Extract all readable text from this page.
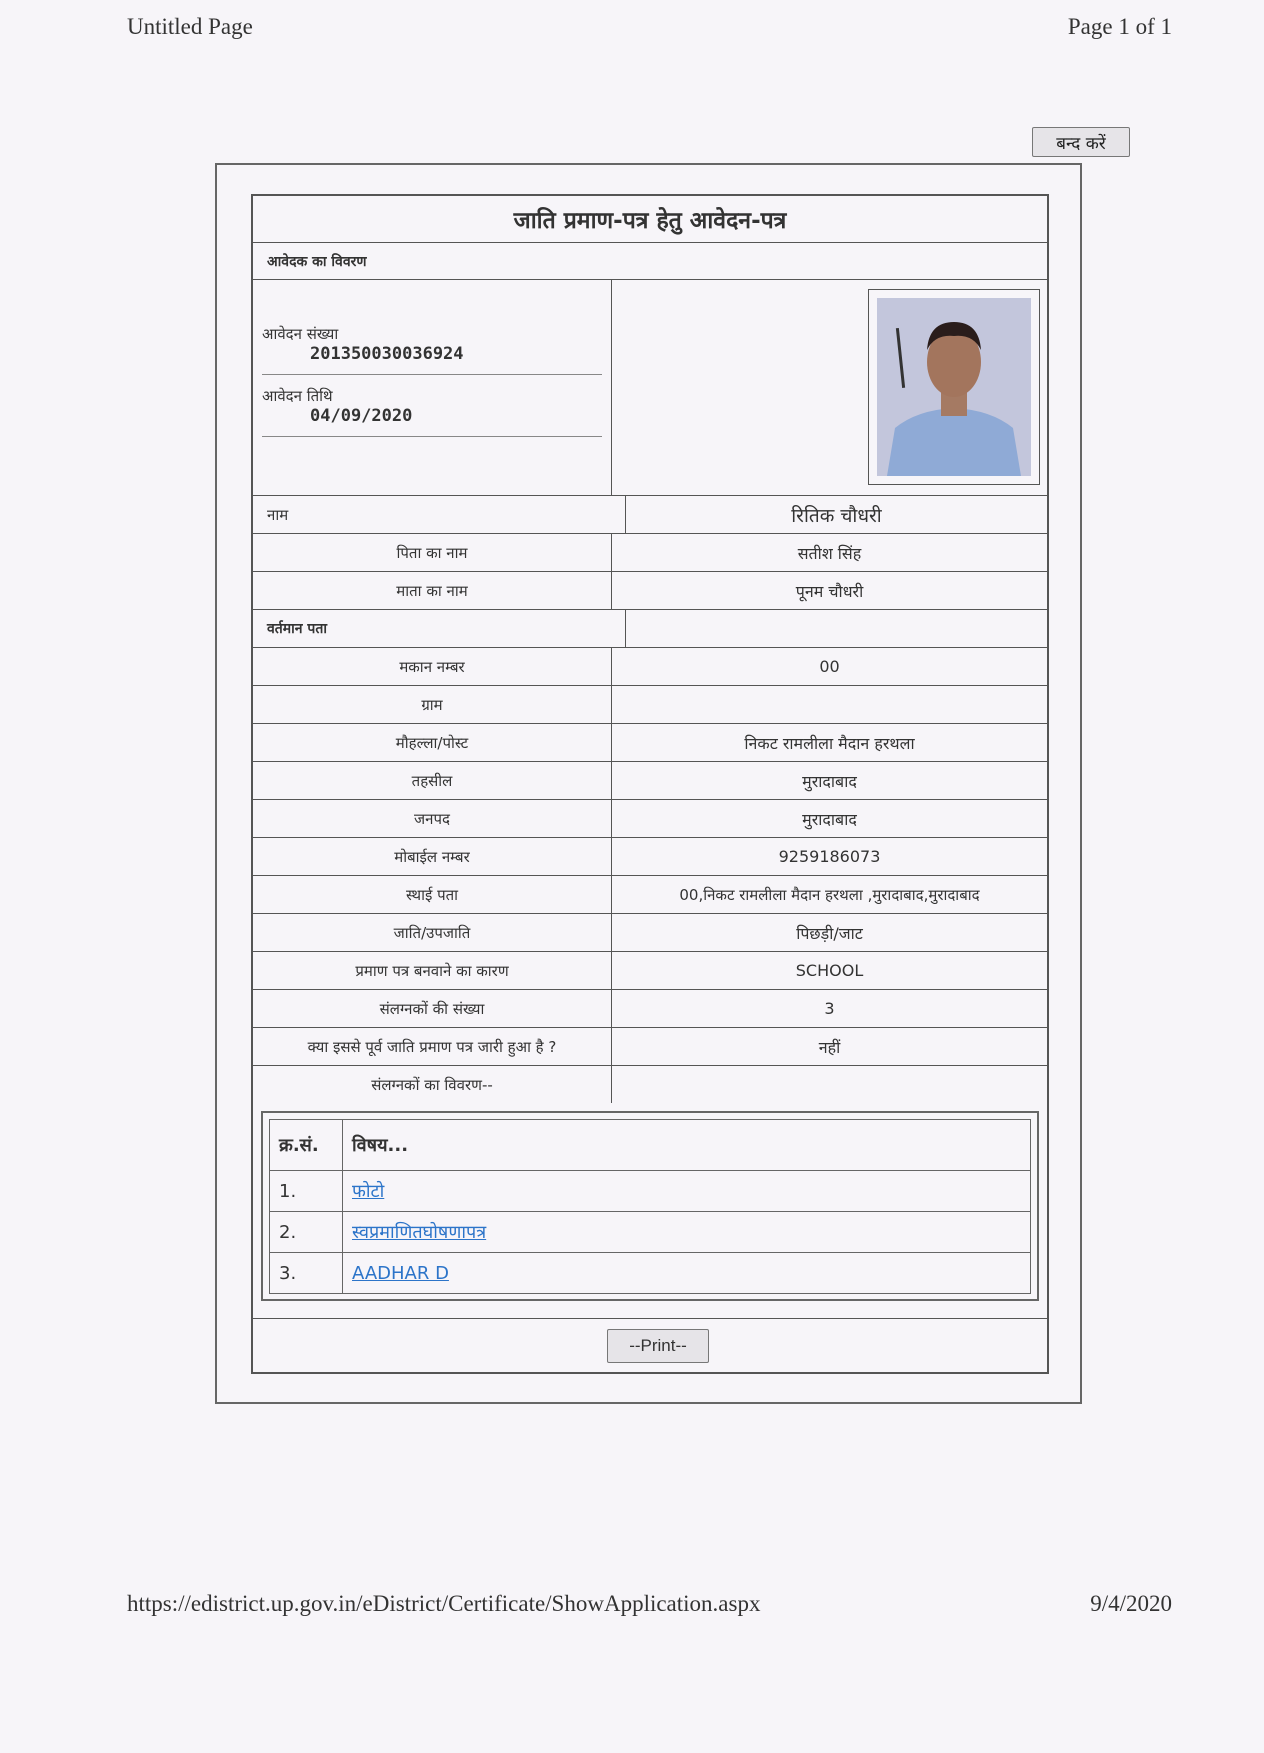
Untitled Page	Page 1 of 1
बन्द करें
जाति प्रमाण-पत्र हेतु आवेदन-पत्र
आवेदक का विवरण
आवेदन संख्या
201350030036924
आवेदन तिथि
04/09/2020
नाम	रितिक चौधरी
पिता का नाम	सतीश सिंह
माता का नाम	पूनम चौधरी
वर्तमान पता
मकान नम्बर	00
ग्राम
मौहल्ला/पोस्ट	निकट रामलीला मैदान हरथला
तहसील	मुरादाबाद
जनपद	मुरादाबाद
मोबाईल नम्बर	9259186073
स्थाई पता	00,निकट रामलीला मैदान हरथला ,मुरादाबाद,मुरादाबाद
जाति/उपजाति	पिछड़ी/जाट
प्रमाण पत्र बनवाने का कारण	SCHOOL
संलग्नकों की संख्या	3
क्या इससे पूर्व जाति प्रमाण पत्र जारी हुआ है ?	नहीं
संलग्नकों का विवरण--
क्र.सं.	विषय...
1.	फोटो
2.	स्वप्रमाणितघोषणापत्र
3.	AADHAR D
--Print--
https://edistrict.up.gov.in/eDistrict/Certificate/ShowApplication.aspx	9/4/2020
